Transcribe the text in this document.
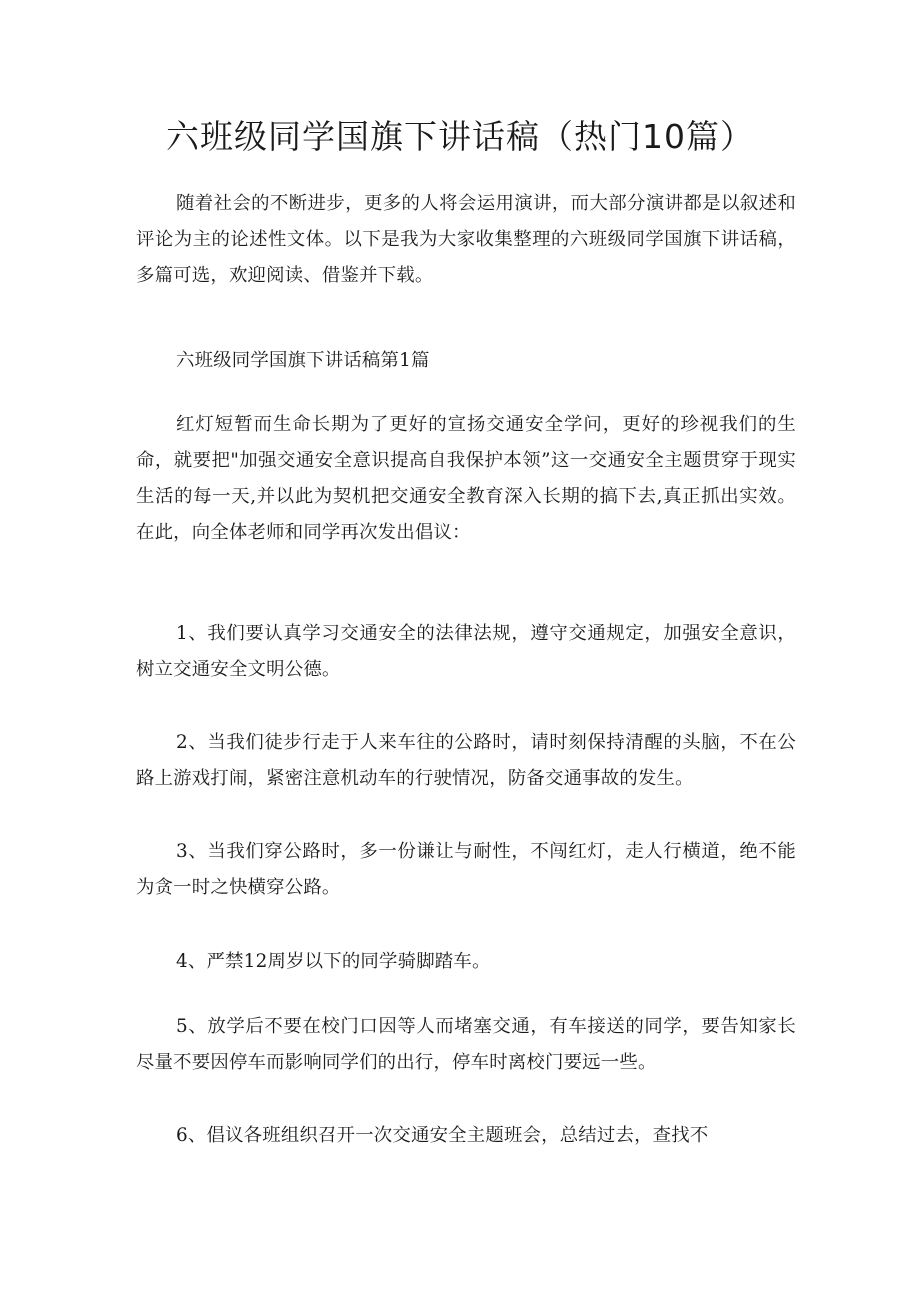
六班级同学国旗下讲话稿（热门10篇）

随着社会的不断进步，更多的人将会运用演讲，而大部分演讲都是以叙述和评论为主的论述性文体。以下是我为大家收集整理的六班级同学国旗下讲话稿，多篇可选，欢迎阅读、借鉴并下载。

六班级同学国旗下讲话稿第1篇

红灯短暂而生命长期为了更好的宣扬交通安全学问，更好的珍视我们的生命，就要把"加强交通安全意识提高自我保护本领”这一交通安全主题贯穿于现实生活的每一天,并以此为契机把交通安全教育深入长期的搞下去,真正抓出实效。在此，向全体老师和同学再次发出倡议：

1、我们要认真学习交通安全的法律法规，遵守交通规定，加强安全意识，树立交通安全文明公德。

2、当我们徒步行走于人来车往的公路时，请时刻保持清醒的头脑，不在公路上游戏打闹，紧密注意机动车的行驶情况，防备交通事故的发生。

3、当我们穿公路时，多一份谦让与耐性，不闯红灯，走人行横道，绝不能为贪一时之快横穿公路。

4、严禁12周岁以下的同学骑脚踏车。

5、放学后不要在校门口因等人而堵塞交通，有车接送的同学，要告知家长尽量不要因停车而影响同学们的出行，停车时离校门要远一些。

6、倡议各班组织召开一次交通安全主题班会，总结过去，查找不
